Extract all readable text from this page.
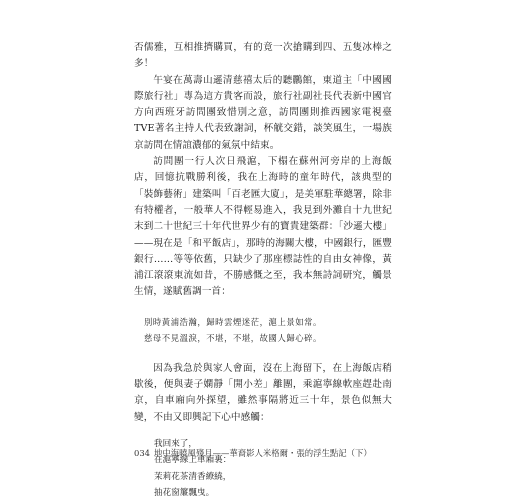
否儒雅，互相推擠購買，有的竟一次搶購到四、五隻冰棒之多！

午宴在萬壽山遜清慈禧太后的聽鸝館，東道主「中國國際旅行社」專為這方貴客而設，旅行社副社長代表新中國官方向西班牙訪問團致惜別之意，訪問團則推西國家電視臺TVE著名主持人代表致謝詞，杯觥交錯，談笑風生，一場族京訪問在情誼濃郁的氣氛中結束。

訪問團一行人次日飛滬，下榻在蘇州河旁岸的上海飯店，回憶抗戰勝利後，我在上海時的童年時代，該典型的「裝飾藝術」建築叫「百老匯大廈」，是美軍駐華總署，除非有特權者，一般華人不得輕易進入，我見到外灘自十九世紀末到二十世紀三十年代世界少有的寶貴建築群：「沙遜大樓」——現在是「和平飯店」，那時的海關大樓，中國銀行，匯豐銀行……等等依舊，只缺少了那座標誌性的自由女神像，黃浦江滾滾東流如昔，不勝感慨之至，我本無詩詞研究，觸景生情，遂賦舊調一首：

別時黃浦浩瀚，歸時雲煙迷茫，滬上景如常。
慈母不見溫淚，不堪，不堪，故國人歸心碎。

因為我急於與家人會面，沒在上海留下，在上海飯店稍歇後，便與妻子嫻靜「開小差」離團，乘滬寧線軟座趕赴南京，自車廂向外探望，雖然事隔將近三十年，景色似無大變，不由又即興記下心中感觸：

我回來了，
在滬寧線上車廂裏：
茉莉花茶清香繚繞，
抽花窗簾飄曳。
034 地中海曉風殘月——華裔影人米格爾・張的浮生點記（下）
